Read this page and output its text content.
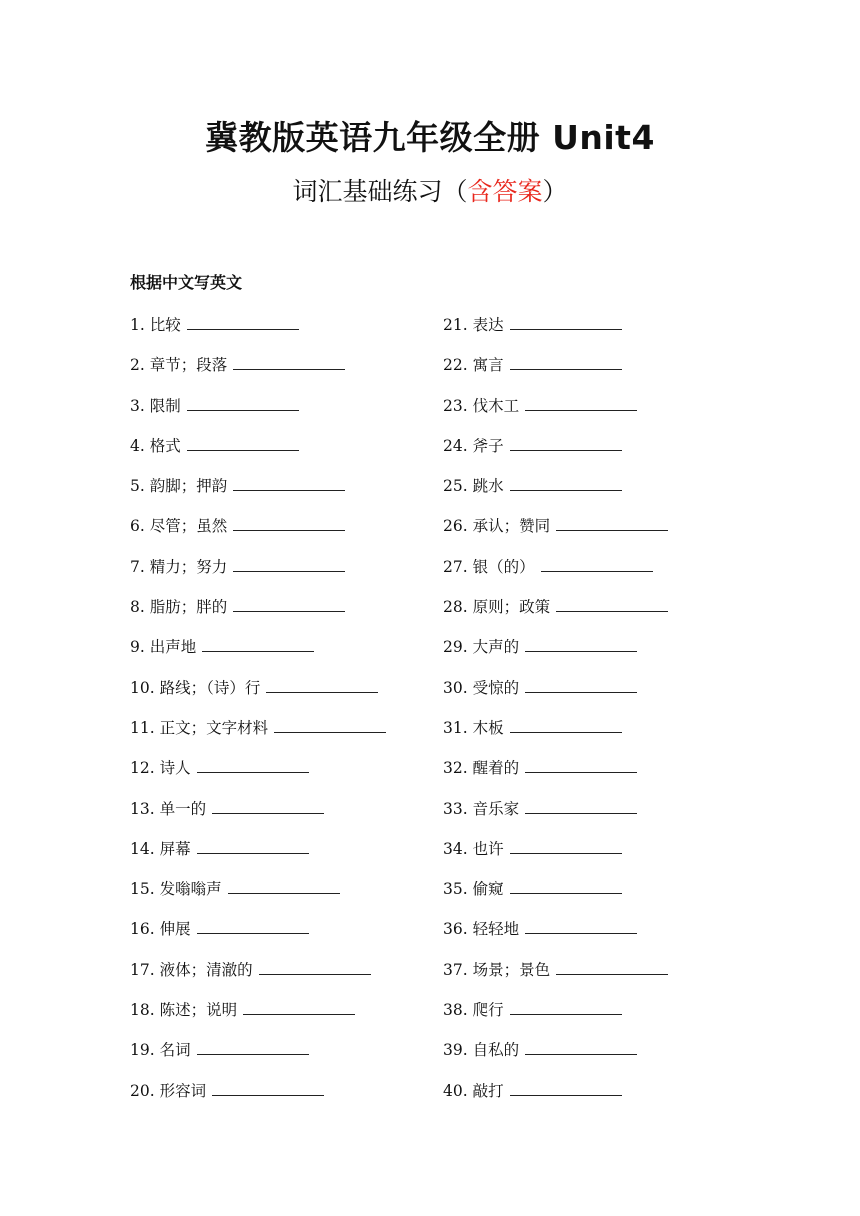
冀教版英语九年级全册 Unit4
词汇基础练习（含答案）
根据中文写英文
1. 比较
2. 章节；段落
3. 限制
4. 格式
5. 韵脚；押韵
6. 尽管；虽然
7. 精力；努力
8. 脂肪；胖的
9. 出声地
10. 路线；（诗）行
11. 正文；文字材料
12. 诗人
13. 单一的
14. 屏幕
15. 发嗡嗡声
16. 伸展
17. 液体；清澈的
18. 陈述；说明
19. 名词
20. 形容词
21. 表达
22. 寓言
23. 伐木工
24. 斧子
25. 跳水
26. 承认；赞同
27. 银（的）
28. 原则；政策
29. 大声的
30. 受惊的
31. 木板
32. 醒着的
33. 音乐家
34. 也许
35. 偷窥
36. 轻轻地
37. 场景；景色
38. 爬行
39. 自私的
40. 敲打
